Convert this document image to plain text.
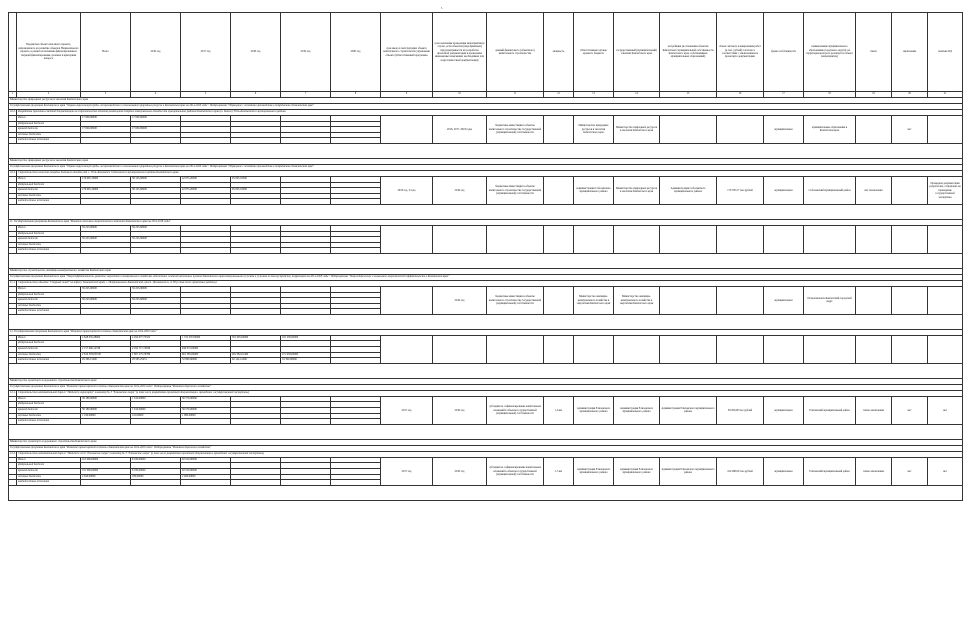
˛
	Предметом объекта или иного проекта, направленного на развитие объектов Национального проекта, в рамках исполнения финансирования и текущей финансирования, целевых и критериям вопроса	Всего	2016 год	2017 год	2018 год	2019 год	2020 год	срок ввода в эксплуатацию объекта капитального строительства управления объекта (Ответственный программы	срок окончания проведения мероприятия (в случае, если объектом (мероприятием) предусматривается их разработка проектной документации и проведение инженерных изысканий, необходимых для подготовки такой документации)	данный финансового (объектного) капитального строительства	мощность	Ответственные органы краевого бюджета	государственный (муниципальный) заказчик Камчатского края	застройщик (в отношении объектов Камчатского муниципальной собственности Камчатского края, собственником муниципальных образований)	объем сметного планирования работ (в тыс. рублей) согласно в соответствии с заключением на проектную документацию	форма собственности	наименование муниципального образования (городского округа), на территории которого реализуется объект (мероприятие)	сметн	заключение	наличие ПД
1	2	3	4	5	6	7	8	9	10	11	12	13	14	15	16	17	18	19	20	21
Министерство природных ресурсов и экологии Камчатского края																				
Государственная программа Камчатского края "Охрана окружающей среды, воспроизводство и использование природных ресурсов в Камчатском крае на 2014-2020 годы". Подпрограмма "Обращение с отходами производства и потребления в Камчатском крае"																				
10.2.	Разработка проектно-сметной документации на строительство объекта размещения твердых коммунальных отходов для муниципальных районов Камчатского края (п. Ключи) Усть-Камчатского муниципального района																			
	Итого	17 000,00000	17 000,00000						2016, 2017, 2018 годы	бюджетные инвестиции в объекты капитального строительства государственной (муниципальной) собственности		Министерство природных ресурсов и экологии Камчатского края	Министерство природных ресурсов и экологии Камчатского края			муниципальная	муниципальные образования в Камчатском крае		нет	
	федеральный бюджет																			
	краевой бюджет	17 000,00000	17 000,00000																	
	местные бюджеты																			
	внебюджетные источники																			

Министерство природных ресурсов и экологии Камчатского края																				
Государственная программа Камчатского края "Охрана окружающей среды, воспроизводство и использование природных ресурсов в Камчатском крае на 2014-2020 годы". Подпрограмма "Обращение с отходами производства и потребления в Камчатском крае"																				
10.3.	Строительство полигона твердых бытовых отходов для с. Усть-Камчатск Соболевского муниципального района Камчатского края																			
	Итого	176 095,10600	38 125,00000	42 875,20000	95 095,10000			2018 год, 3 года	2016 год	бюджетные инвестиции в объекты капитального строительства государственной (муниципальной) собственности		Администрация Соболевского муниципального района	Министерство природных ресурсов и экологии Камчатского края	Администрация Соболевского муниципального района	176 795,57 тыс.рублей	муниципальная	Соболевский муниципальный район	нет заключения		Проведена документация разработана, отправлена на проведение государственной экспертизы
	федеральный бюджет																			
	краевой бюджет	176 095,10600	38 125,00000	42 875,20000	95 095,10000															
	местные бюджеты																			
	внебюджетные источники																			

11. Государственная программа Камчатского края "Развитие топливно-энергетического комплекса Камчатского края на 2014-2018 годы"																				
	Итого	59 225,00000	59 225,00000																	
	федеральный бюджет																			
	краевой бюджет	59 225,00000	59 225,00000																	
	местные бюджеты																			
	внебюджетные источники																			

Министерство строительства, жилищно-коммунального хозяйства Камчатского края																				
Государственная программа Камчатского края "Энергоэффективность, развитие энергетики и коммунального хозяйства, обеспечение жителей населенных пунктов Камчатского края коммунальными услугами и услугами по благоустройству территорий на 2014-2018 годы". Подпрограмма "Энергосбережение и повышение энергетической эффективности в Камчатском крае"																				
11.1.	Строительство объекта "Сборный склад" по адресу: Камчатский край, г. Петропавловск-Камчатский, просп. Циолковского, д. 38 (в том числе проектные работы)																			
	Итого	59 225,00000	59 225,00000						2016 год	бюджетные инвестиции в объекты капитального строительства государственной (муниципальной) собственности		Министерство жилищно-коммунального хозяйства и энергетики Камчатского края	Министерство жилищно-коммунального хозяйства и энергетики Камчатского края			муниципальная	Петропавловск-Камчатский городской округ			
	федеральный бюджет																			
	краевой бюджет	59 225,00000	59 225,00000																	
	местные бюджеты																			
	внебюджетные источники																			

12. Государственная программа Камчатского края "Развитие транспортной системы в Камчатском крае на 2014-2020 годы"																				
	Итого	4 628 635,28964	2 294 677,72525	1 722 507,00000	501 095,00000	181 258,00000														
	федеральный бюджет																			
	краевой бюджет	2 157 696,14538	2 292 717,74836	946 972,00000																
	местные бюджеты	2 819 303,059 00	1 867 275,76786	601 585,00000	481 082,01400	471 958,00000														
	внебюджетные источники	29 366,15400	29 585,25451	52 890,00000	62 142,12400	19 300,00000														

Министерство транспорта и дорожного строительства Камчатского края																				
Государственная программа Камчатского края "Развитие транспортной системы в Камчатском крае на 2014-2020 годы". Подпрограмма "Развитие дорожного хозяйства"																				
12.1.	Строительство автомобильной дороги "Подъезд к аэропорту" километр № 3 "Елизовские озера" (в том числе разработка проектной документации, проведение государственной экспертизы)																			
	Итого	38 180,00000	1 610,00000	36 570,00000				2017 год	2016 год	субсидии на софинансирование капитальных вложений в объекты государственной (муниципальной) собственности	1,0 км	Администрация Елизовского муниципального района	Администрация Елизовского муниципального района	Администрация Елизовского муниципального района	38 200,00 тыс.рублей	муниципальная	Елизовский муниципальный район	плана заключения	нет	нет
	федеральный бюджет																			
	краевой бюджет	38 180,00000	1 610,00000	36 570,00000																
	местные бюджеты	1 190,00000	110,00000	1 080,00000																
	внебюджетные источники																			

Министерство транспорта и дорожного строительства Камчатского края																				
Государственная программа Камчатского края "Развитие транспортной системы в Камчатском крае на 2014-2020 годы". Подпрограмма "Развитие дорожного хозяйства"																				
12.2.	Строительство автомобильной дороги "Подъезд к п/ст "Елизовские озера" километр № 3 "Елизовские озера" (в том числе разработка проектной документации, проведение государственной экспертизы)																			
	Итого	101 090,00000	8 180,00000	92 910,00000				2017 год	2016 год	субсидии на софинансирование капитальных вложений в объекты государственной (муниципальной) собственности	1,3 км	Администрация Елизовского муниципального района	Администрация Елизовского муниципального района	Администрация Елизовского муниципального района	104 090,00 тыс.рублей	муниципальная	Елизовский муниципальный район	плана заключения	нет	нет
	федеральный бюджет																			
	краевой бюджет	101 090,00000	8 180,00000	92 910,00000																
	местные бюджеты	2 640,00000	180,00000	2 460,00000																
	внебюджетные источники																			
